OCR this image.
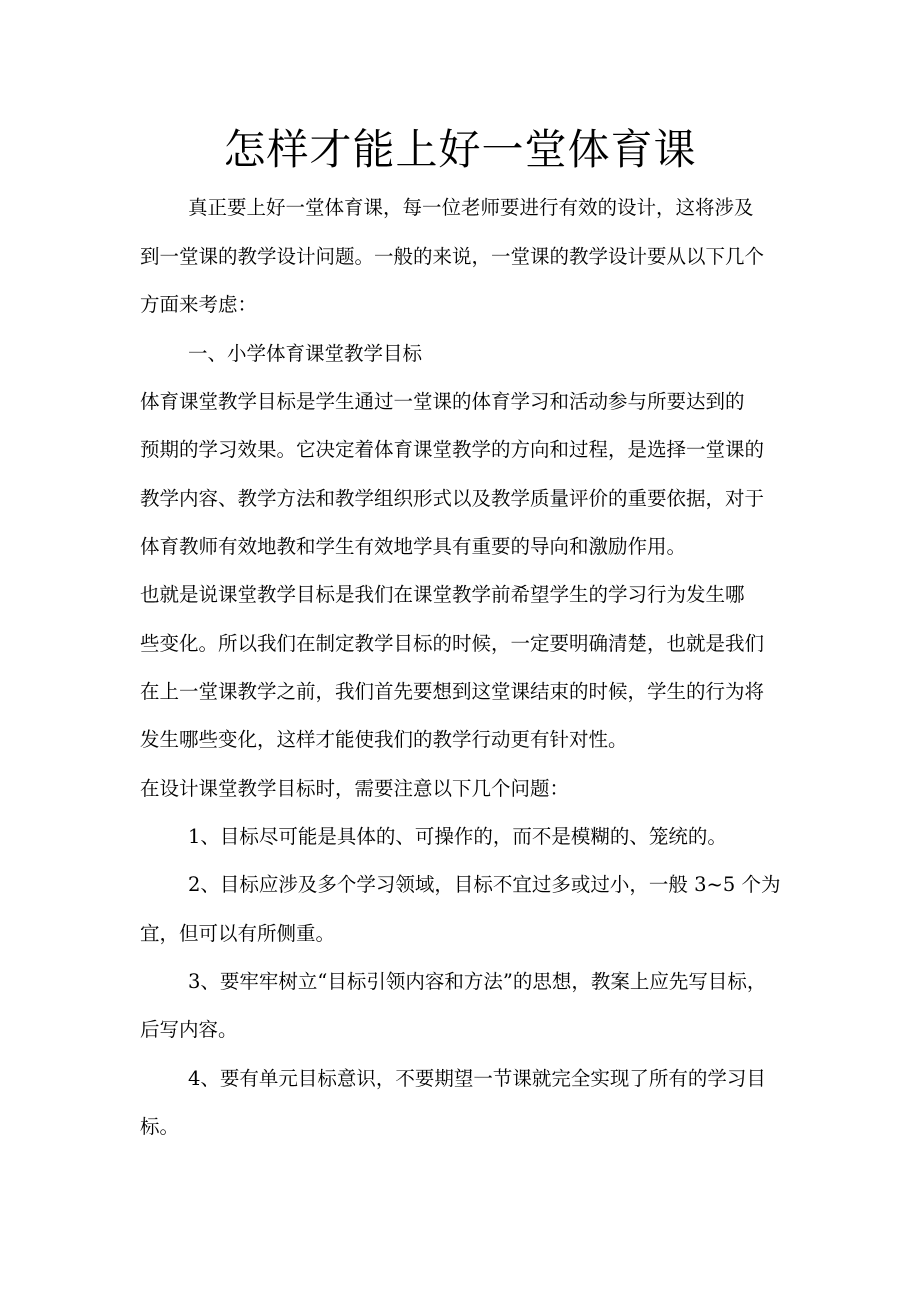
怎样才能上好一堂体育课

真正要上好一堂体育课，每一位老师要进行有效的设计，这将涉及

到一堂课的教学设计问题。一般的来说，一堂课的教学设计要从以下几个

方面来考虑：

一、小学体育课堂教学目标

体育课堂教学目标是学生通过一堂课的体育学习和活动参与所要达到的

预期的学习效果。它决定着体育课堂教学的方向和过程，是选择一堂课的

教学内容、教学方法和教学组织形式以及教学质量评价的重要依据，对于

体育教师有效地教和学生有效地学具有重要的导向和激励作用。

也就是说课堂教学目标是我们在课堂教学前希望学生的学习行为发生哪

些变化。所以我们在制定教学目标的时候，一定要明确清楚，也就是我们

在上一堂课教学之前，我们首先要想到这堂课结束的时候，学生的行为将

发生哪些变化，这样才能使我们的教学行动更有针对性。

在设计课堂教学目标时，需要注意以下几个问题：

1、目标尽可能是具体的、可操作的，而不是模糊的、笼统的。

2、目标应涉及多个学习领域，目标不宜过多或过小，一般 3~5 个为

宜，但可以有所侧重。

3、要牢牢树立“目标引领内容和方法”的思想，教案上应先写目标，

后写内容。

4、要有单元目标意识，不要期望一节课就完全实现了所有的学习目

标。
